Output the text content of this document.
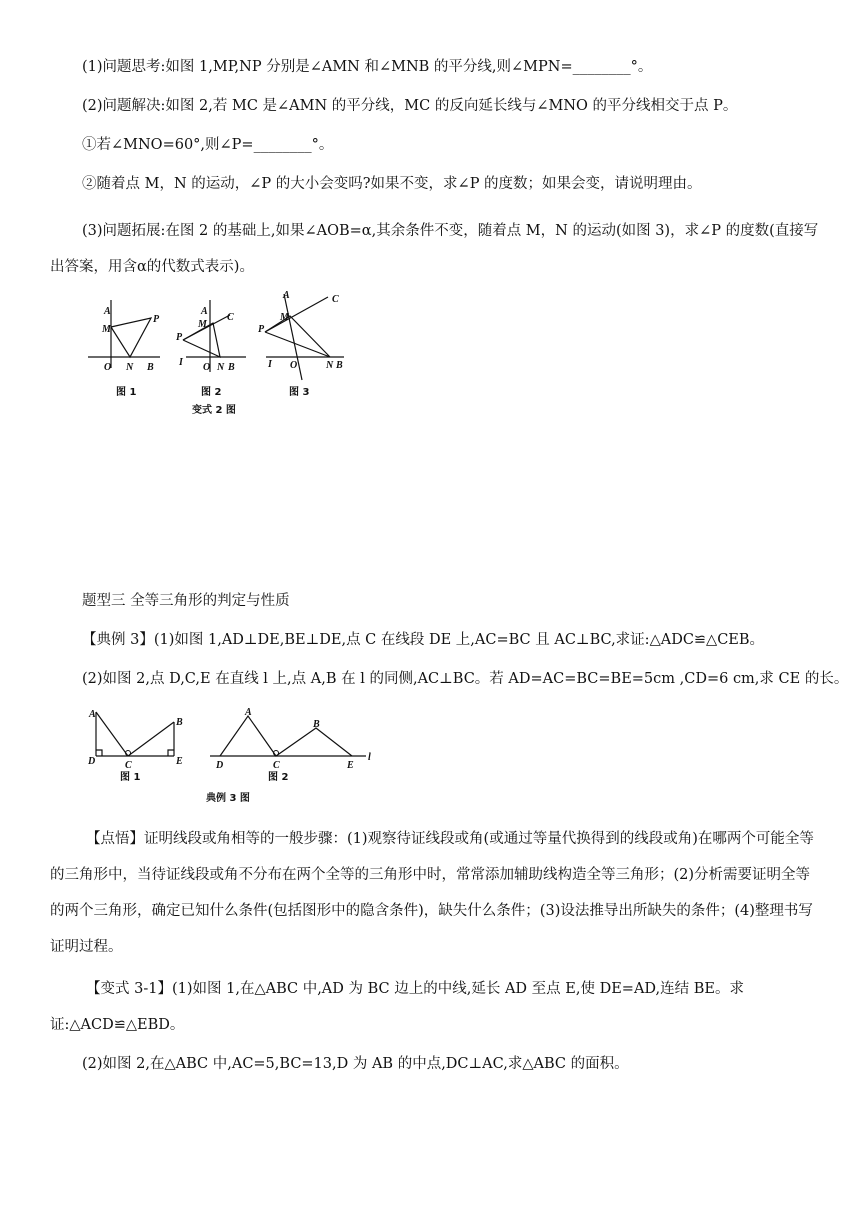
(1)问题思考:如图 1,MP,NP 分别是∠AMN 和∠MNB 的平分线,则∠MPN=________°。
(2)问题解决:如图 2,若 MC 是∠AMN 的平分线，MC 的反向延长线与∠MNO 的平分线相交于点 P。
①若∠MNO=60°,则∠P=________°。
②随着点 M，N 的运动，∠P 的大小会变吗?如果不变，求∠P 的度数；如果会变，请说明理由。
(3)问题拓展:在图 2 的基础上,如果∠AOB=α,其余条件不变，随着点 M，N 的运动(如图 3)，求∠P 的度数(直接写出答案，用含α的代数式表示)。
A
M
P
O N B
图 1
A
M
C
P
I O N B
图 2
变式 2 图
A
M
C
P
I O	N B
图 3
题型三 全等三角形的判定与性质
【典例 3】(1)如图 1,AD⊥DE,BE⊥DE,点 C 在线段 DE 上,AC=BC 且 AC⊥BC,求证:△ADC≌△CEB。
(2)如图 2,点 D,C,E 在直线 l 上,点 A,B 在 l 的同侧,AC⊥BC。若 AD=AC=BC=BE=5cm ,CD=6 cm,求 CE 的长。
A
B
D	C	E
图 1
A
B
D	C	E
l
图 2
典例 3 图
【点悟】证明线段或角相等的一般步骤：(1)观察待证线段或角(或通过等量代换得到的线段或角)在哪两个可能全等的三角形中，当待证线段或角不分布在两个全等的三角形中时，常常添加辅助线构造全等三角形；(2)分析需要证明全等的两个三角形，确定已知什么条件(包括图形中的隐含条件)，缺失什么条件；(3)设法推导出所缺失的条件；(4)整理书写证明过程。
【变式 3-1】(1)如图 1,在△ABC 中,AD 为 BC 边上的中线,延长 AD 至点 E,使 DE=AD,连结 BE。求证:△ACD≌△EBD。
(2)如图 2,在△ABC 中,AC=5,BC=13,D 为 AB 的中点,DC⊥AC,求△ABC 的面积。
